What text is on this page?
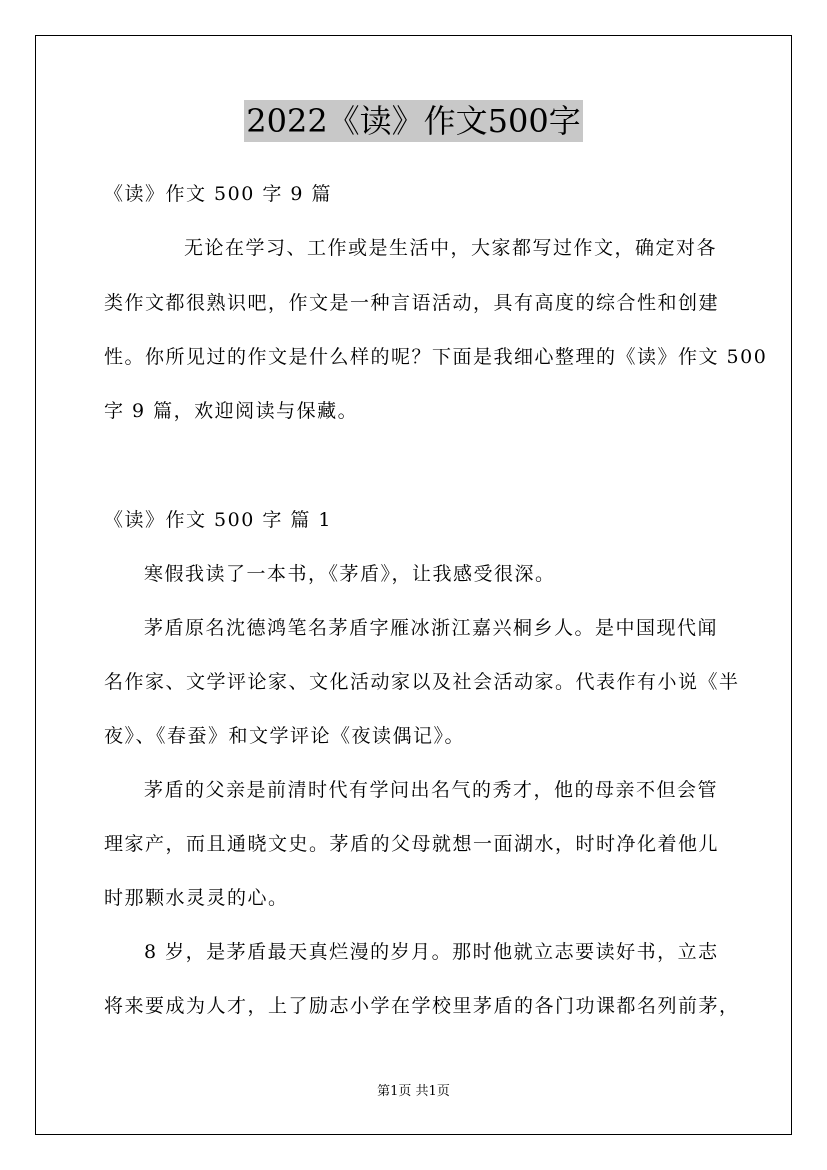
2022《读》作文500字
《读》作文 500 字 9 篇
无论在学习、工作或是生活中，大家都写过作文，确定对各
类作文都很熟识吧，作文是一种言语活动，具有高度的综合性和创建
性。你所见过的作文是什么样的呢？下面是我细心整理的《读》作文 500
字 9 篇，欢迎阅读与保藏。
《读》作文 500 字 篇 1
寒假我读了一本书，《茅盾》，让我感受很深。
茅盾原名沈德鸿笔名茅盾字雁冰浙江嘉兴桐乡人。是中国现代闻
名作家、文学评论家、文化活动家以及社会活动家。代表作有小说《半
夜》、《春蚕》和文学评论《夜读偶记》。
茅盾的父亲是前清时代有学问出名气的秀才，他的母亲不但会管
理家产，而且通晓文史。茅盾的父母就想一面湖水，时时净化着他儿
时那颗水灵灵的心。
8 岁，是茅盾最天真烂漫的岁月。那时他就立志要读好书，立志
将来要成为人才，上了励志小学在学校里茅盾的各门功课都名列前茅，
第1页 共1页
